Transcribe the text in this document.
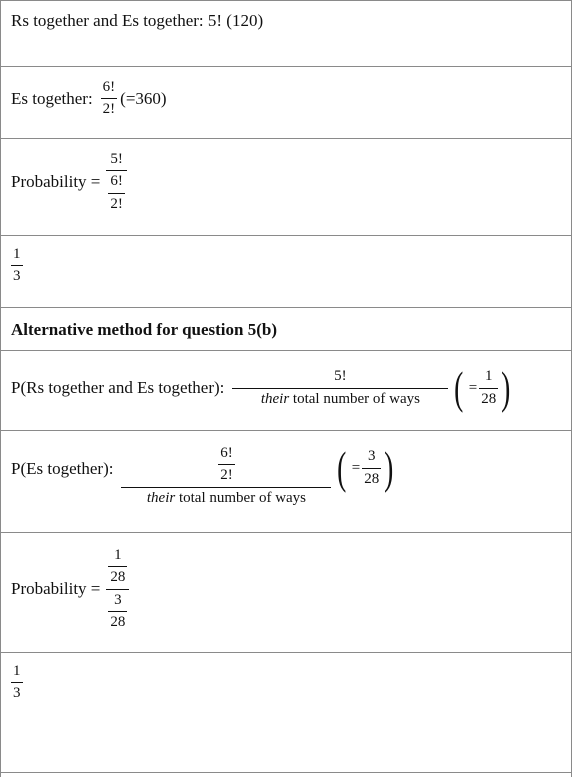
Rs together and Es together: 5! (120)
Es together: $\frac{6!}{2!} (=360)$
Probability = $\frac{5!}{\frac{6!}{2!}}$
$\frac{1}{3}$
Alternative method for question 5(b)
P(Rs together and Es together): $\frac{5!}{\text{their total number of ways}}$ ( = $\frac{1}{28}$ )
P(Es together): $\frac{\frac{6!}{2!}}{\text{their total number of ways}}$ ( = $\frac{3}{28}$ )
Probability = $\frac{\frac{1}{28}}{\frac{3}{28}}$
$\frac{1}{3}$
